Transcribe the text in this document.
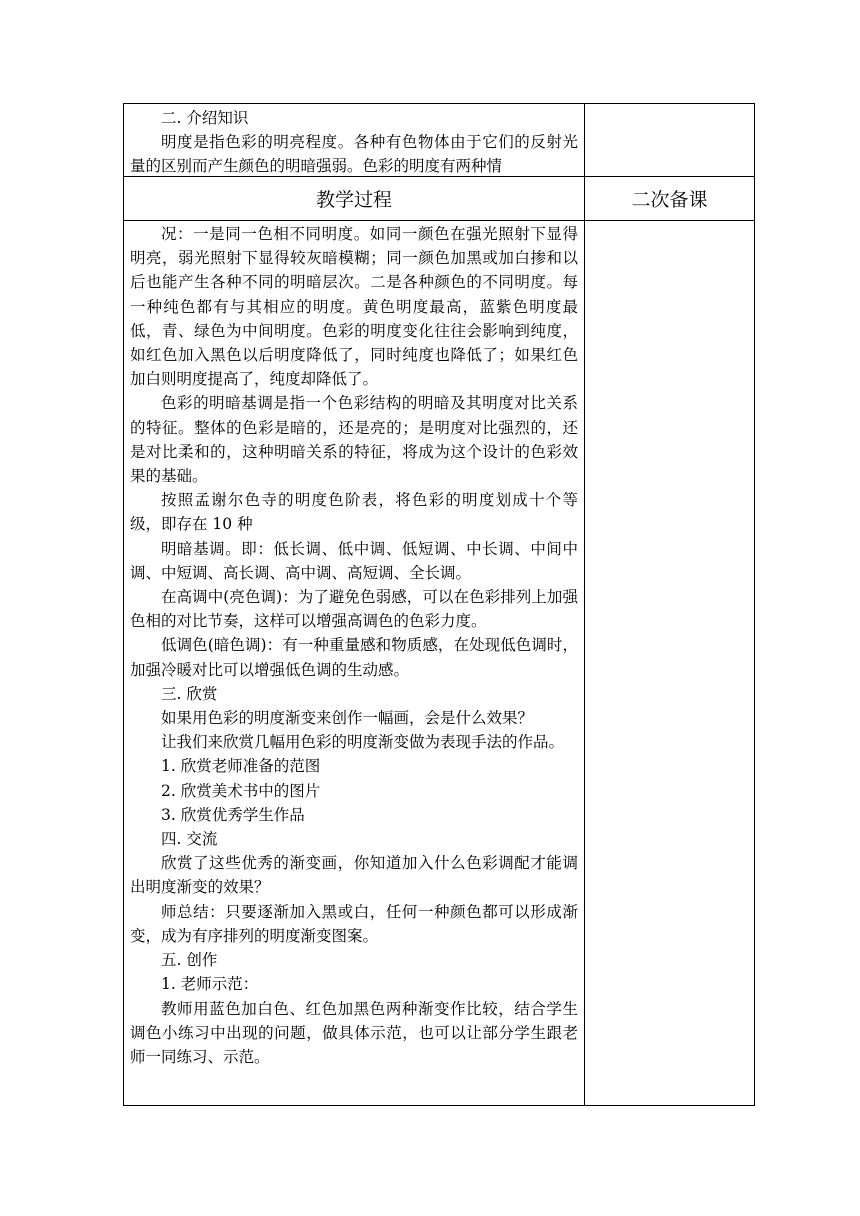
二. 介绍知识

明度是指色彩的明亮程度。各种有色物体由于它们的反射光量的区别而产生颜色的明暗强弱。色彩的明度有两种情

教学过程	二次备课

况：一是同一色相不同明度。如同一颜色在强光照射下显得明亮，弱光照射下显得较灰暗模糊；同一颜色加黑或加白掺和以后也能产生各种不同的明暗层次。二是各种颜色的不同明度。每一种纯色都有与其相应的明度。黄色明度最高，蓝紫色明度最低，青、绿色为中间明度。色彩的明度变化往往会影响到纯度，如红色加入黑色以后明度降低了，同时纯度也降低了；如果红色加白则明度提高了，纯度却降低了。

色彩的明暗基调是指一个色彩结构的明暗及其明度对比关系的特征。整体的色彩是暗的，还是亮的；是明度对比强烈的，还是对比柔和的，这种明暗关系的特征，将成为这个设计的色彩效果的基础。

按照孟谢尔色寺的明度色阶表，将色彩的明度划成十个等级，即存在 10 种

明暗基调。即：低长调、低中调、低短调、中长调、中间中调、中短调、高长调、高中调、高短调、全长调。

在高调中(亮色调)：为了避免色弱感，可以在色彩排列上加强色相的对比节奏，这样可以增强高调色的色彩力度。

低调色(暗色调)：有一种重量感和物质感，在处现低色调时，加强冷暖对比可以增强低色调的生动感。

三. 欣赏

如果用色彩的明度渐变来创作一幅画，会是什么效果？

让我们来欣赏几幅用色彩的明度渐变做为表现手法的作品。

1. 欣赏老师准备的范图

2. 欣赏美术书中的图片

3. 欣赏优秀学生作品

四. 交流

欣赏了这些优秀的渐变画，你知道加入什么色彩调配才能调出明度渐变的效果？

师总结：只要逐渐加入黑或白，任何一种颜色都可以形成渐变，成为有序排列的明度渐变图案。

五. 创作

1. 老师示范：

教师用蓝色加白色、红色加黑色两种渐变作比较，结合学生调色小练习中出现的问题，做具体示范，也可以让部分学生跟老师一同练习、示范。
